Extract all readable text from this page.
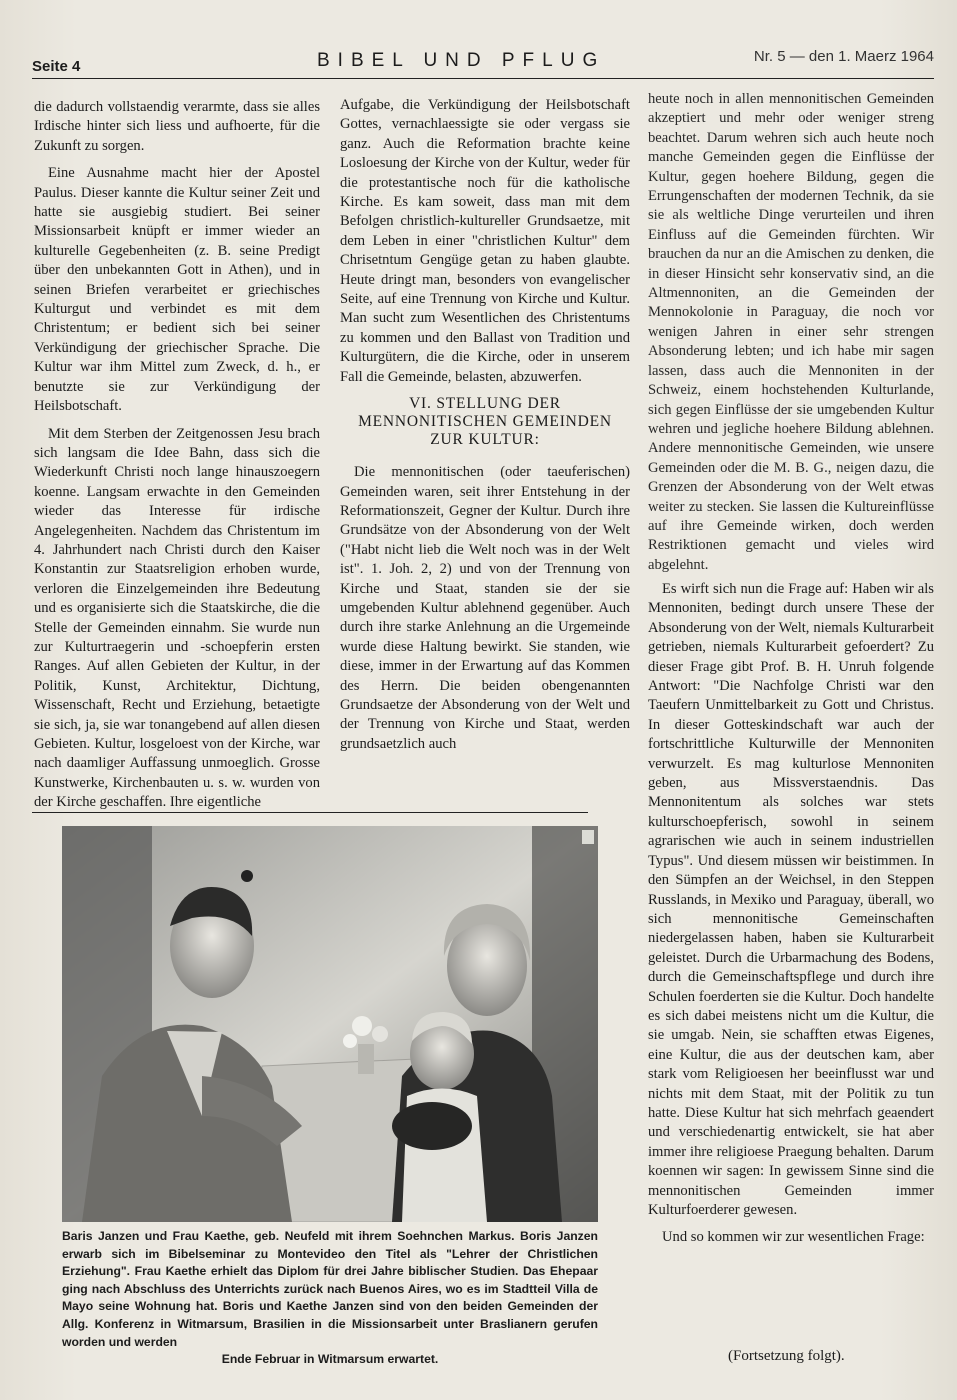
Seite 4	BIBEL UND PFLUG	Nr. 5 — den 1. Maerz 1964

die dadurch vollstaendig verarmte, dass sie alles Irdische hinter sich liess und aufhoerte, für die Zukunft zu sorgen.

Eine Ausnahme macht hier der Apostel Paulus. Dieser kannte die Kultur seiner Zeit und hatte sie ausgiebig studiert. Bei seiner Missionsarbeit knüpft er immer wieder an kulturelle Gegebenheiten (z. B. seine Predigt über den unbekannten Gott in Athen), und in seinen Briefen verarbeitet er griechisches Kulturgut und verbindet es mit dem Christentum; er bedient sich bei seiner Verkündigung der griechischer Sprache. Die Kultur war ihm Mittel zum Zweck, d. h., er benutzte sie zur Verkündigung der Heilsbotschaft.

Mit dem Sterben der Zeitgenossen Jesu brach sich langsam die Idee Bahn, dass sich die Wiederkunft Christi noch lange hinauszoegern koenne. Langsam erwachte in den Gemeinden wieder das Interesse für irdische Angelegenheiten. Nachdem das Christentum im 4. Jahrhundert nach Christi durch den Kaiser Konstantin zur Staatsreligion erhoben wurde, verloren die Einzelgemeinden ihre Bedeutung und es organisierte sich die Staatskirche, die die Stelle der Gemeinden einnahm. Sie wurde nun zur Kulturtraegerin und -schoepferin ersten Ranges. Auf allen Gebieten der Kultur, in der Politik, Kunst, Architektur, Dichtung, Wissenschaft, Recht und Erziehung, betaetigte sie sich, ja, sie war tonangebend auf allen diesen Gebieten. Kultur, losgeloest von der Kirche, war nach daamliger Auffassung unmoeglich. Grosse Kunstwerke, Kirchenbauten u. s. w. wurden von der Kirche geschaffen. Ihre eigentliche

Aufgabe, die Verkündigung der Heilsbotschaft Gottes, vernachlaessigte sie oder vergass sie ganz. Auch die Reformation brachte keine Losloesung der Kirche von der Kultur, weder für die protestantische noch für die katholische Kirche. Es kam soweit, dass man mit dem Befolgen christlich-kultureller Grundsaetze, mit dem Leben in einer "christlichen Kultur" dem Chrisetntum Gengüge getan zu haben glaubte. Heute dringt man, besonders von evangelischer Seite, auf eine Trennung von Kirche und Kultur. Man sucht zum Wesentlichen des Christentums zu kommen und den Ballast von Tradition und Kulturgütern, die die Kirche, oder in unserem Fall die Gemeinde, belasten, abzuwerfen.

VI. STELLUNG DER MENNONITISCHEN GEMEINDEN ZUR KULTUR:

Die mennonitischen (oder taeuferischen) Gemeinden waren, seit ihrer Entstehung in der Reformationszeit, Gegner der Kultur. Durch ihre Grundsätze von der Absonderung von der Welt ("Habt nicht lieb die Welt noch was in der Welt ist". 1. Joh. 2, 2) und von der Trennung von Kirche und Staat, standen sie der sie umgebenden Kultur ablehnend gegenüber. Auch durch ihre starke Anlehnung an die Urgemeinde wurde diese Haltung bewirkt. Sie standen, wie diese, immer in der Erwartung auf das Kommen des Herrn. Die beiden obengenannten Grundsaetze der Absonderung von der Welt und der Trennung von Kirche und Staat, werden grundsaetzlich auch

heute noch in allen mennonitischen Gemeinden akzeptiert und mehr oder weniger streng beachtet. Darum wehren sich auch heute noch manche Gemeinden gegen die Einflüsse der Kultur, gegen hoehere Bildung, gegen die Errungenschaften der modernen Technik, da sie sie als weltliche Dinge verurteilen und ihren Einfluss auf die Gemeinden fürchten. Wir brauchen da nur an die Amischen zu denken, die in dieser Hinsicht sehr konservativ sind, an die Altmennoniten, an die Gemeinden der Mennokolonie in Paraguay, die noch vor wenigen Jahren in einer sehr strengen Absonderung lebten; und ich habe mir sagen lassen, dass auch die Mennoniten in der Schweiz, einem hochstehenden Kulturlande, sich gegen Einflüsse der sie umgebenden Kultur wehren und jegliche hoehere Bildung ablehnen. Andere mennonitische Gemeinden, wie unsere Gemeinden oder die M. B. G., neigen dazu, die Grenzen der Absonderung von der Welt etwas weiter zu stecken. Sie lassen die Kultureinflüsse auf ihre Gemeinde wirken, doch werden Restriktionen gemacht und vieles wird abgelehnt.

Es wirft sich nun die Frage auf: Haben wir als Mennoniten, bedingt durch unsere These der Absonderung von der Welt, niemals Kulturarbeit getrieben, niemals Kulturarbeit gefoerdert? Zu dieser Frage gibt Prof. B. H. Unruh folgende Antwort: "Die Nachfolge Christi war den Taeufern Unmittelbarkeit zu Gott und Christus. In dieser Gotteskindschaft war auch der fortschrittliche Kulturwille der Mennoniten verwurzelt. Es mag kulturlose Mennoniten geben, aus Missverstaendnis. Das Mennonitentum als solches war stets kulturschoepferisch, sowohl in seinem agrarischen wie auch in seinem industriellen Typus". Und diesem müssen wir beistimmen. In den Sümpfen an der Weichsel, in den Steppen Russlands, in Mexiko und Paraguay, überall, wo sich mennonitische Gemeinschaften niedergelassen haben, haben sie Kulturarbeit geleistet. Durch die Urbarmachung des Bodens, durch die Gemeinschaftspflege und durch ihre Schulen foerderten sie die Kultur. Doch handelte es sich dabei meistens nicht um die Kultur, die sie umgab. Nein, sie schafften etwas Eigenes, eine Kultur, die aus der deutschen kam, aber stark vom Religioesen her beeinflusst war und nichts mit dem Staat, mit der Politik zu tun hatte. Diese Kultur hat sich mehrfach geaendert und verschiedenartig entwickelt, sie hat aber immer ihre religioese Praegung behalten. Darum koennen wir sagen: In gewissem Sinne sind die mennonitischen Gemeinden immer Kulturfoerderer gewesen.

Und so kommen wir zur wesentlichen Frage:

Baris Janzen und Frau Kaethe, geb. Neufeld mit ihrem Soehnchen Markus. Boris Janzen erwarb sich im Bibelseminar zu Montevideo den Titel als "Lehrer der Christlichen Erziehung". Frau Kaethe erhielt das Diplom für drei Jahre biblischer Studien. Das Ehepaar ging nach Abschluss des Unterrichts zurück nach Buenos Aires, wo es im Stadtteil Villa de Mayo seine Wohnung hat. Boris und Kaethe Janzen sind von den beiden Gemeinden der Allg. Konferenz in Witmarsum, Brasilien in die Missionsarbeit unter Braslianern gerufen worden und werden
Ende Februar in Witmarsum erwartet.	(Fortsetzung folgt).
